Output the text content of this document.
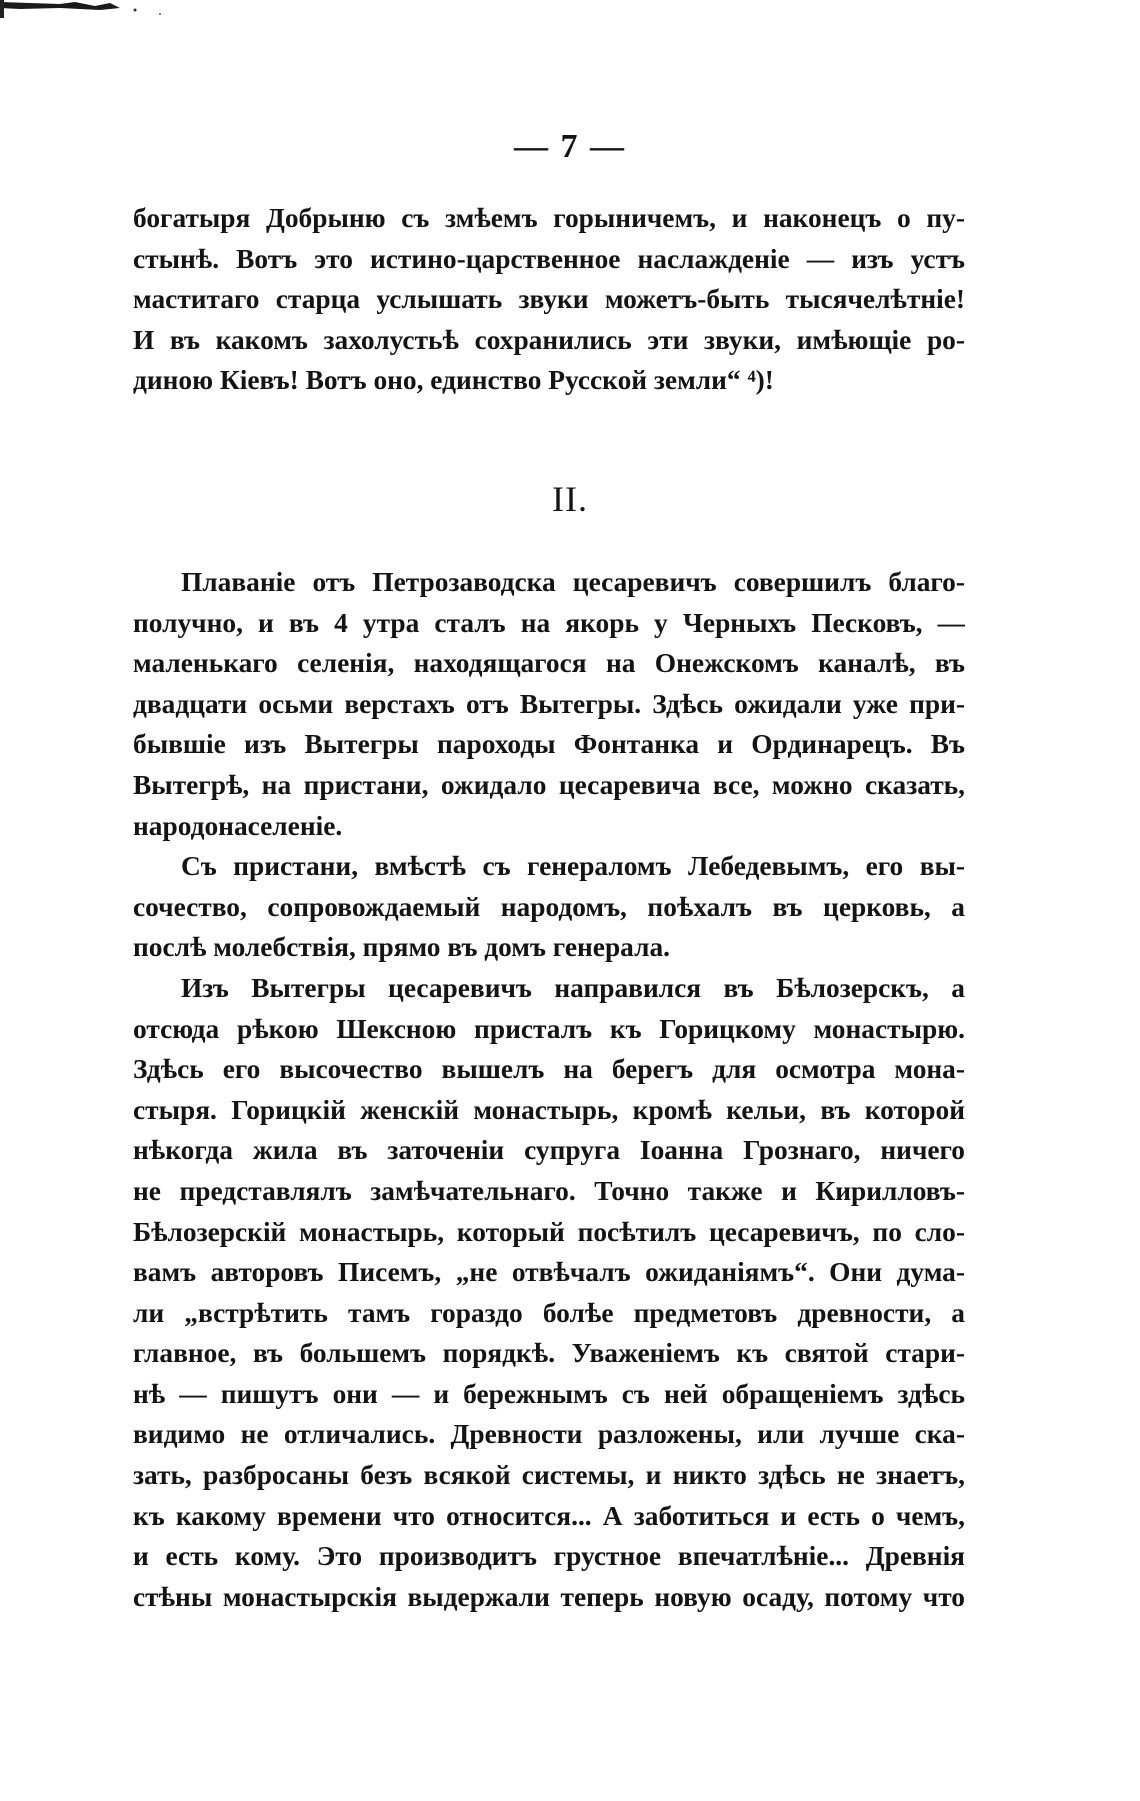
— 7 —
богатыря Добрыню съ змѣемъ горыничемъ, и наконецъ о пу-
стынѣ. Вотъ это истино-царственное наслажденіе — изъ устъ
маститаго старца услышать звуки можетъ-быть тысячелѣтніе!
И въ какомъ захолустьѣ сохранились эти звуки, имѣющіе ро-
диною Кіевъ! Вотъ оно, единство Русской земли“ ⁴)!
II.
Плаваніе отъ Петрозаводска цесаревичъ совершилъ благо-
получно, и въ 4 утра сталъ на якорь у Черныхъ Песковъ, —
маленькаго селенія, находящагося на Онежскомъ каналѣ, въ
двадцати осьми верстахъ отъ Вытегры. Здѣсь ожидали уже при-
бывшіе изъ Вытегры пароходы Фонтанка и Ординарецъ. Въ
Вытегрѣ, на пристани, ожидало цесаревича все, можно сказать,
народонаселеніе.
Съ пристани, вмѣстѣ съ генераломъ Лебедевымъ, его вы-
сочество, сопровождаемый народомъ, поѣхалъ въ церковь, а
послѣ молебствія, прямо въ домъ генерала.
Изъ Вытегры цесаревичъ направился въ Бѣлозерскъ, а
отсюда рѣкою Шексною присталъ къ Горицкому монастырю.
Здѣсь его высочество вышелъ на берегъ для осмотра мона-
стыря. Горицкій женскій монастырь, кромѣ кельи, въ которой
нѣкогда жила въ заточеніи супруга Іоанна Грознаго, ничего
не представлялъ замѣчательнаго. Точно также и Кирилловъ-
Бѣлозерскій монастырь, который посѣтилъ цесаревичъ, по сло-
вамъ авторовъ Писемъ, „не отвѣчалъ ожиданіямъ“. Они дума-
ли „встрѣтить тамъ гораздо болѣе предметовъ древности, а
главное, въ большемъ порядкѣ. Уваженіемъ къ святой стари-
нѣ — пишутъ они — и бережнымъ съ ней обращеніемъ здѣсь
видимо не отличались. Древности разложены, или лучше ска-
зать, разбросаны безъ всякой системы, и никто здѣсь не знаетъ,
къ какому времени что относится... А заботиться и есть о чемъ,
и есть кому. Это производитъ грустное впечатлѣніе... Древнія
стѣны монастырскія выдержали теперь новую осаду, потому что
